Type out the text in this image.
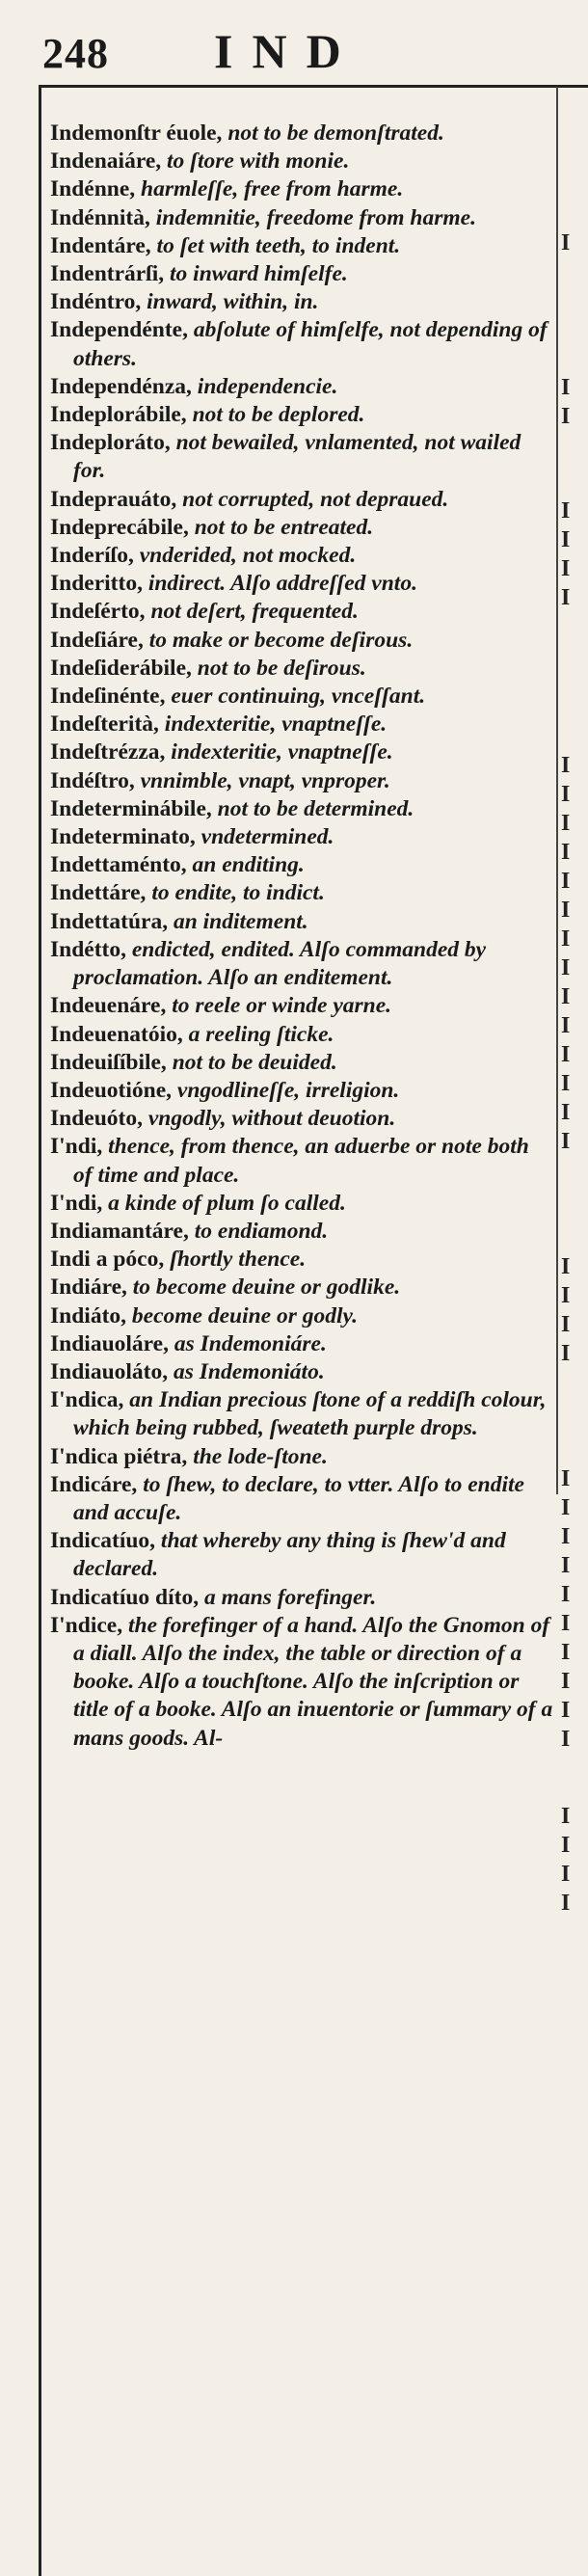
248 IND

Indemonſtr éuole, not to be demonſtrated.

Indenaiáre, to ſtore with monie.

Indénne, harmleſſe, free from harme.

Indénnità, indemnitie, freedome from harme.

Indentáre, to ſet with teeth, to indent.

Indentrárſi, to inward himſelfe.

Indéntro, inward, within, in.

Independénte, abſolute of himſelfe, not depending of others.

Independénza, independencie.

Indeplorábile, not to be deplored.

Indeploráto, not bewailed, vnlamented, not wailed for.

Indeprauáto, not corrupted, not depraued.

Indeprecábile, not to be entreated.

Inderíſo, vnderided, not mocked.

Inderitto, indirect. Alſo addreſſed vnto.

Indeſérto, not deſert, frequented.

Indeſiáre, to make or become deſirous.

Indeſiderábile, not to be deſirous.

Indeſinénte, euer continuing, vnceſſant.

Indeſterità, indexteritie, vnaptneſſe.

Indeſtrézza, indexteritie, vnaptneſſe.

Indéſtro, vnnimble, vnapt, vnproper.

Indeterminábile, not to be determined.

Indeterminato, vndetermined.

Indettaménto, an enditing.

Indettáre, to endite, to indict.

Indettatúra, an inditement.

Indétto, endicted, endited. Alſo commanded by proclamation. Alſo an enditement.

Indeuenáre, to reele or winde yarne.

Indeuenatóio, a reeling ſticke.

Indeuiſíbile, not to be deuided.

Indeuotióne, vngodlineſſe, irreligion.

Indeuóto, vngodly, without deuotion.

I'ndi, thence, from thence, an aduerbe or note both of time and place.

I'ndi, a kinde of plum ſo called.

Indiamantáre, to endiamond.

Indi a póco, ſhortly thence.

Indiáre, to become deuine or godlike.

Indiáto, become deuine or godly.

Indiauoláre, as Indemoniáre.

Indiauoláto, as Indemoniáto.

I'ndica, an Indian precious ſtone of a reddiſh colour, which being rubbed, ſweateth purple drops.

I'ndica piétra, the lode-ſtone.

Indicáre, to ſhew, to declare, to vtter. Alſo to endite and accuſe.

Indicatíuo, that whereby any thing is ſhew'd and declared.

Indicatíuo díto, a mans forefinger.

I'ndice, the forefinger of a hand. Alſo the Gnomon of a diall. Alſo the index, the table or direction of a booke. Alſo a touchſtone. Alſo the inſcription or title of a booke. Alſo an inuentorie or ſummary of a mans goods. Al-

I
I
I
I
I
I
I
I
I
I
I
I
I
I
I
I
I
I
I
I
I
I
I
I
I
I
I
I
I
I
I
I
I
I
I
I
I
I
I
